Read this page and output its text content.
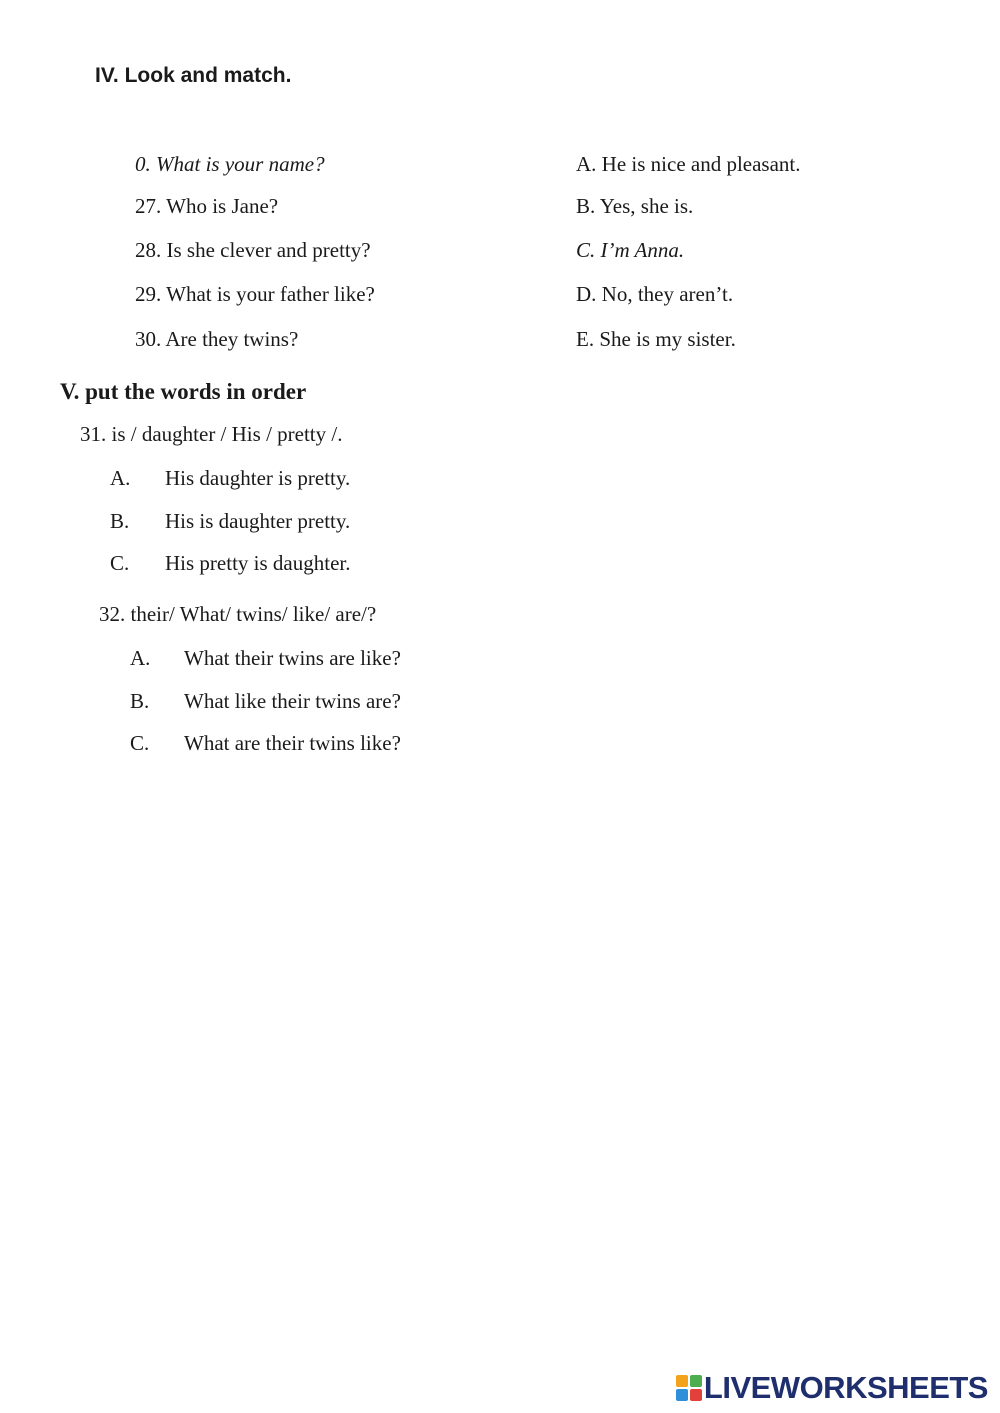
IV. Look and match.
0. What is your name?
27. Who is Jane?
28. Is she clever and pretty?
29. What is your father like?
30. Are they twins?
A. He is nice and pleasant.
B. Yes, she is.
C. I’m Anna.
D. No, they aren’t.
E. She is my sister.
V. put the words in order
31. is / daughter / His / pretty /.
A. His daughter is pretty.
B. His is daughter pretty.
C. His pretty is daughter.
32. their/ What/ twins/ like/ are/?
A. What their twins are like?
B. What like their twins are?
C. What are their twins like?
LIVEWORKSHEETS
